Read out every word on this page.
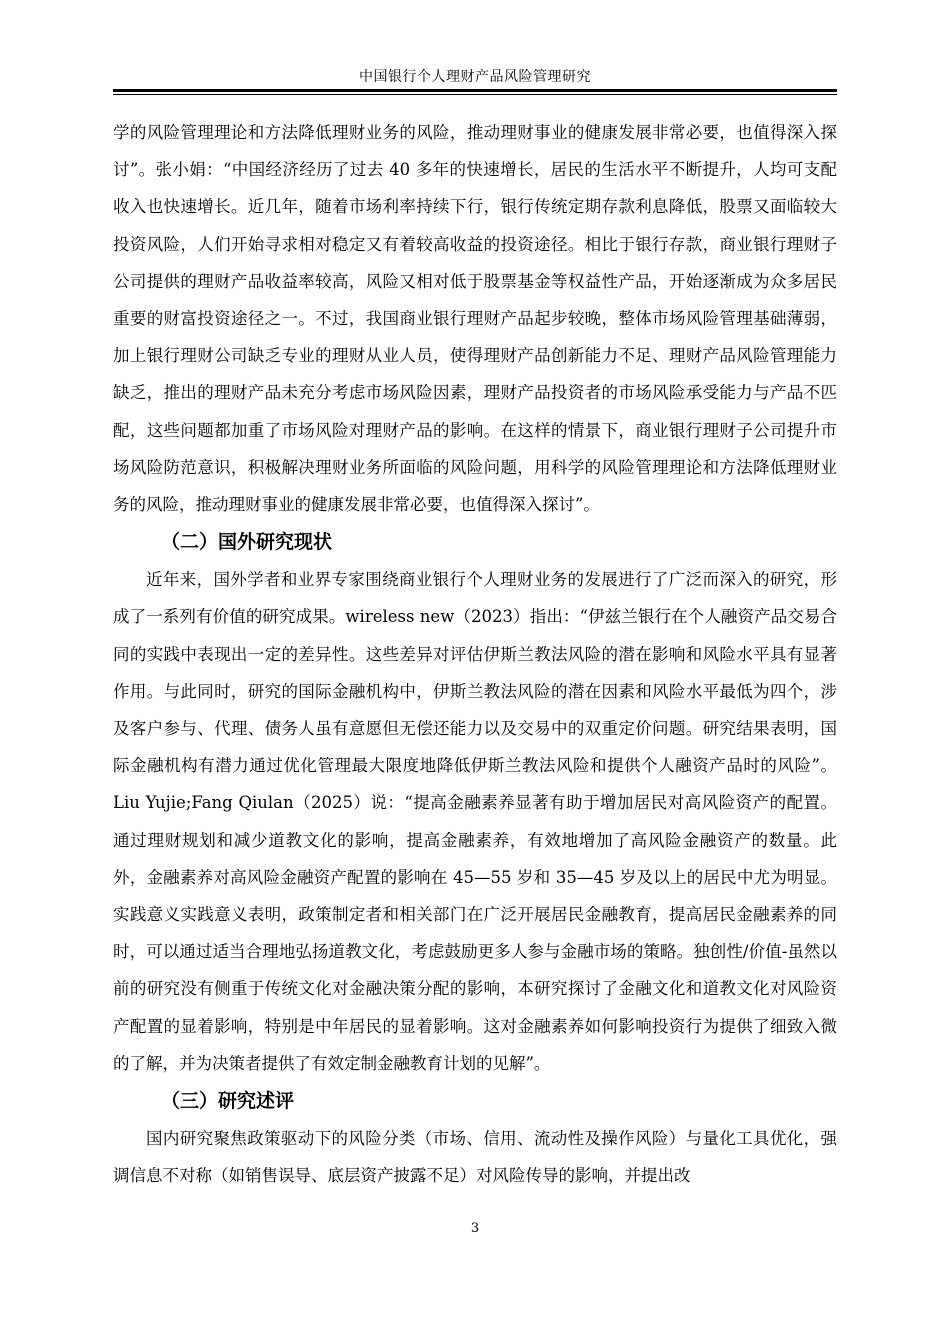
中国银行个人理财产品风险管理研究

学的风险管理理论和方法降低理财业务的风险，推动理财事业的健康发展非常必要，也值得深入探讨”。张小娟：“中国经济经历了过去 40 多年的快速增长，居民的生活水平不断提升，人均可支配收入也快速增长。近几年，随着市场利率持续下行，银行传统定期存款利息降低，股票又面临较大投资风险，人们开始寻求相对稳定又有着较高收益的投资途径。相比于银行存款，商业银行理财子公司提供的理财产品收益率较高，风险又相对低于股票基金等权益性产品，开始逐渐成为众多居民重要的财富投资途径之一。不过，我国商业银行理财产品起步较晚，整体市场风险管理基础薄弱，加上银行理财公司缺乏专业的理财从业人员，使得理财产品创新能力不足、理财产品风险管理能力缺乏，推出的理财产品未充分考虑市场风险因素，理财产品投资者的市场风险承受能力与产品不匹配，这些问题都加重了市场风险对理财产品的影响。在这样的情景下，商业银行理财子公司提升市场风险防范意识，积极解决理财业务所面临的风险问题，用科学的风险管理理论和方法降低理财业务的风险，推动理财事业的健康发展非常必要，也值得深入探讨”。

（二）国外研究现状

近年来，国外学者和业界专家围绕商业银行个人理财业务的发展进行了广泛而深入的研究，形成了一系列有价值的研究成果。wireless new（2023）指出：“伊兹兰银行在个人融资产品交易合同的实践中表现出一定的差异性。这些差异对评估伊斯兰教法风险的潜在影响和风险水平具有显著作用。与此同时，研究的国际金融机构中，伊斯兰教法风险的潜在因素和风险水平最低为四个，涉及客户参与、代理、债务人虽有意愿但无偿还能力以及交易中的双重定价问题。研究结果表明，国际金融机构有潜力通过优化管理最大限度地降低伊斯兰教法风险和提供个人融资产品时的风险”。Liu Yujie;Fang Qiulan（2025）说：“提高金融素养显著有助于增加居民对高风险资产的配置。通过理财规划和减少道教文化的影响，提高金融素养，有效地增加了高风险金融资产的数量。此外，金融素养对高风险金融资产配置的影响在 45—55 岁和 35—45 岁及以上的居民中尤为明显。实践意义实践意义表明，政策制定者和相关部门在广泛开展居民金融教育，提高居民金融素养的同时，可以通过适当合理地弘扬道教文化，考虑鼓励更多人参与金融市场的策略。独创性/价值-虽然以前的研究没有侧重于传统文化对金融决策分配的影响，本研究探讨了金融文化和道教文化对风险资产配置的显着影响，特别是中年居民的显着影响。这对金融素养如何影响投资行为提供了细致入微的了解，并为决策者提供了有效定制金融教育计划的见解”。

（三）研究述评

国内研究聚焦政策驱动下的风险分类（市场、信用、流动性及操作风险）与量化工具优化，强调信息不对称（如销售误导、底层资产披露不足）对风险传导的影响，并提出改

3
